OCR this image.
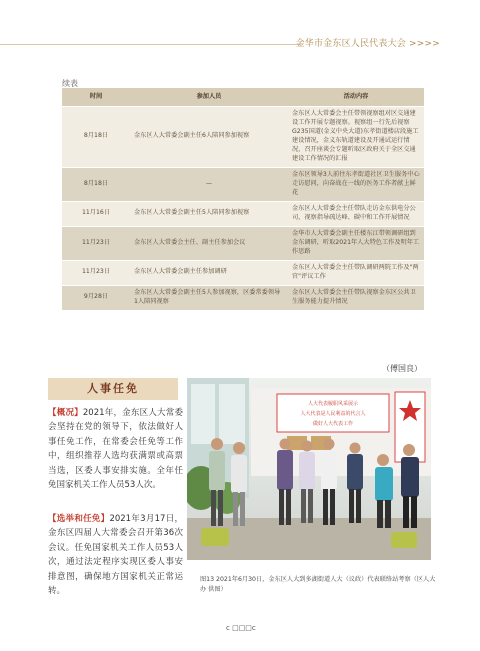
金华市金东区人民代表大会 >>>>
续表
时间	参加人员	活动内容
8月18日	金东区人大常委会副主任6人陪同参加视察	金东区人大常委会主任带领视察组对区交通建设工作开展专题视察。视察组一行先后视察G235国道(金义中央大道)东孝街道楼店段施工建设情况，金义东轨道建设及开通试运行情况，召开座谈会专题听取区政府关于全区交通建设工作情况的汇报
8月18日	—	金东区领导3人前往东孝街道社区卫生服务中心走访慰问，向奋战在一线的医务工作者献上鲜花
11月16日	金东区人大常委会副主任5人陪同参加视察	金东区人大常委会主任带队走访金东供电分公司，视察指导疏达峰、碳中和工作开展情况
11月23日	金东区人大常委会主任、副主任参加会议	金华市人大常委会副主任楼东江带领调研组到金东调研，听取2021年人大特色工作及明年工作思路
11月23日	金东区人大常委会副主任参加调研	金东区人大常委会主任带队调研两院工作及"两官"评议工作
9月28日	金东区人大常委会副主任5人参加视察，区委常委领导1人陪同视察	金东区人大常委会主任带队视察金东区公共卫生服务能力提升情况
（傅国良）
人事任免
【概况】2021年，金东区人大常委会坚持在党的领导下，依法做好人事任免工作，在常委会任免等工作中，组织推荐人选均获满票或高票当选，区委人事安排实施。全年任免国家机关工作人员53人次。
【选举和任免】2021年3月17日，金东区四届人大常委会召开第36次会议。任免国家机关工作人员53人次，通过法定程序实现区委人事安排意图，确保地方国家机关正常运转。
人大代表履职风采展示
人大代表是人民利益的代言人
做好人大代表工作
图13 2021年6月30日，金东区人大到多湖街道人大（议政）代表联络站考察（区人大办 供图）
c □□□c
